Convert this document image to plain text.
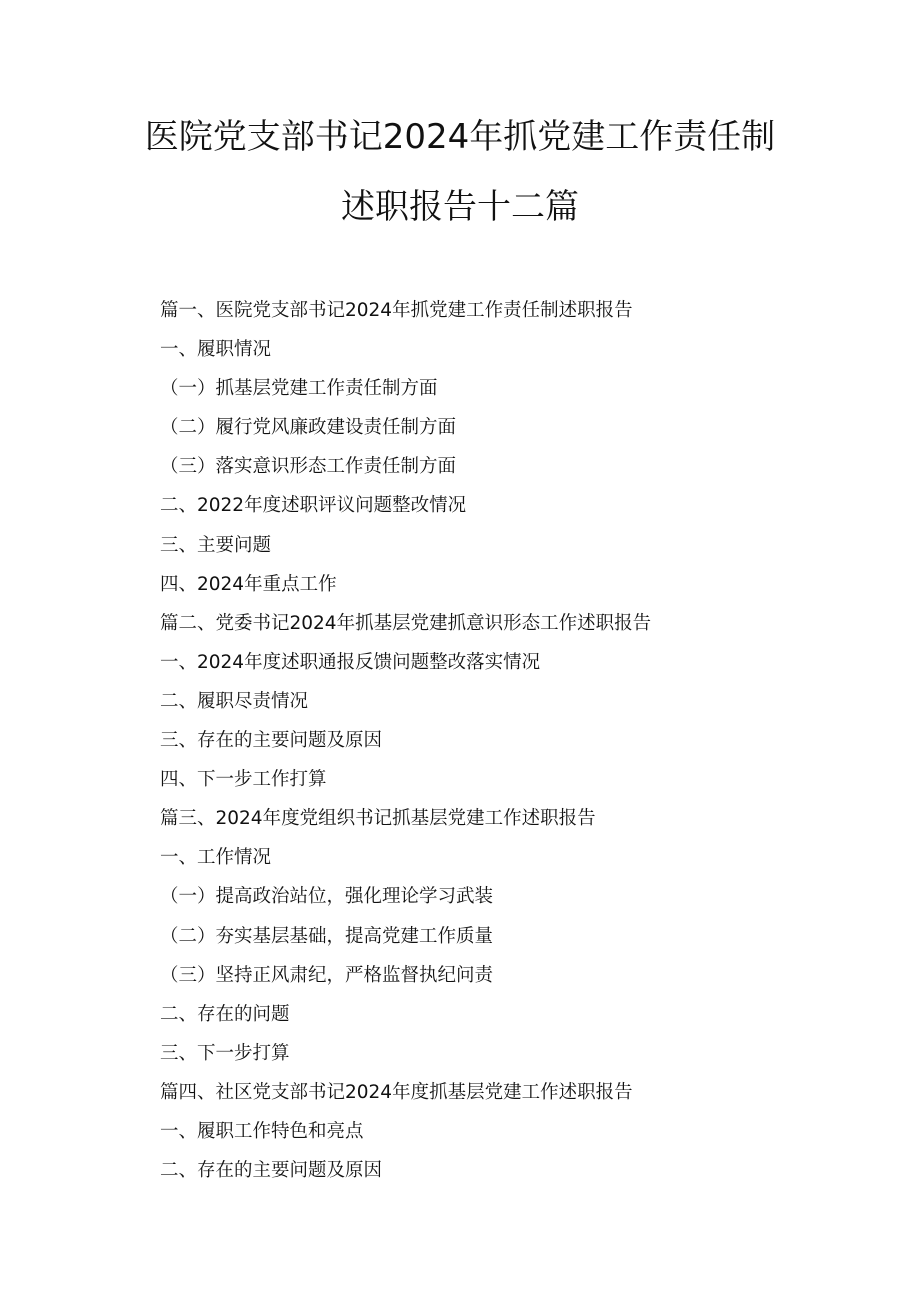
医院党支部书记2024年抓党建工作责任制
述职报告十二篇
篇一、医院党支部书记2024年抓党建工作责任制述职报告
一、履职情况
（一）抓基层党建工作责任制方面
（二）履行党风廉政建设责任制方面
（三）落实意识形态工作责任制方面
二、2022年度述职评议问题整改情况
三、主要问题
四、2024年重点工作
篇二、党委书记2024年抓基层党建抓意识形态工作述职报告
一、2024年度述职通报反馈问题整改落实情况
二、履职尽责情况
三、存在的主要问题及原因
四、下一步工作打算
篇三、2024年度党组织书记抓基层党建工作述职报告
一、工作情况
（一）提高政治站位，强化理论学习武装
（二）夯实基层基础，提高党建工作质量
（三）坚持正风肃纪，严格监督执纪问责
二、存在的问题
三、下一步打算
篇四、社区党支部书记2024年度抓基层党建工作述职报告
一、履职工作特色和亮点
二、存在的主要问题及原因
